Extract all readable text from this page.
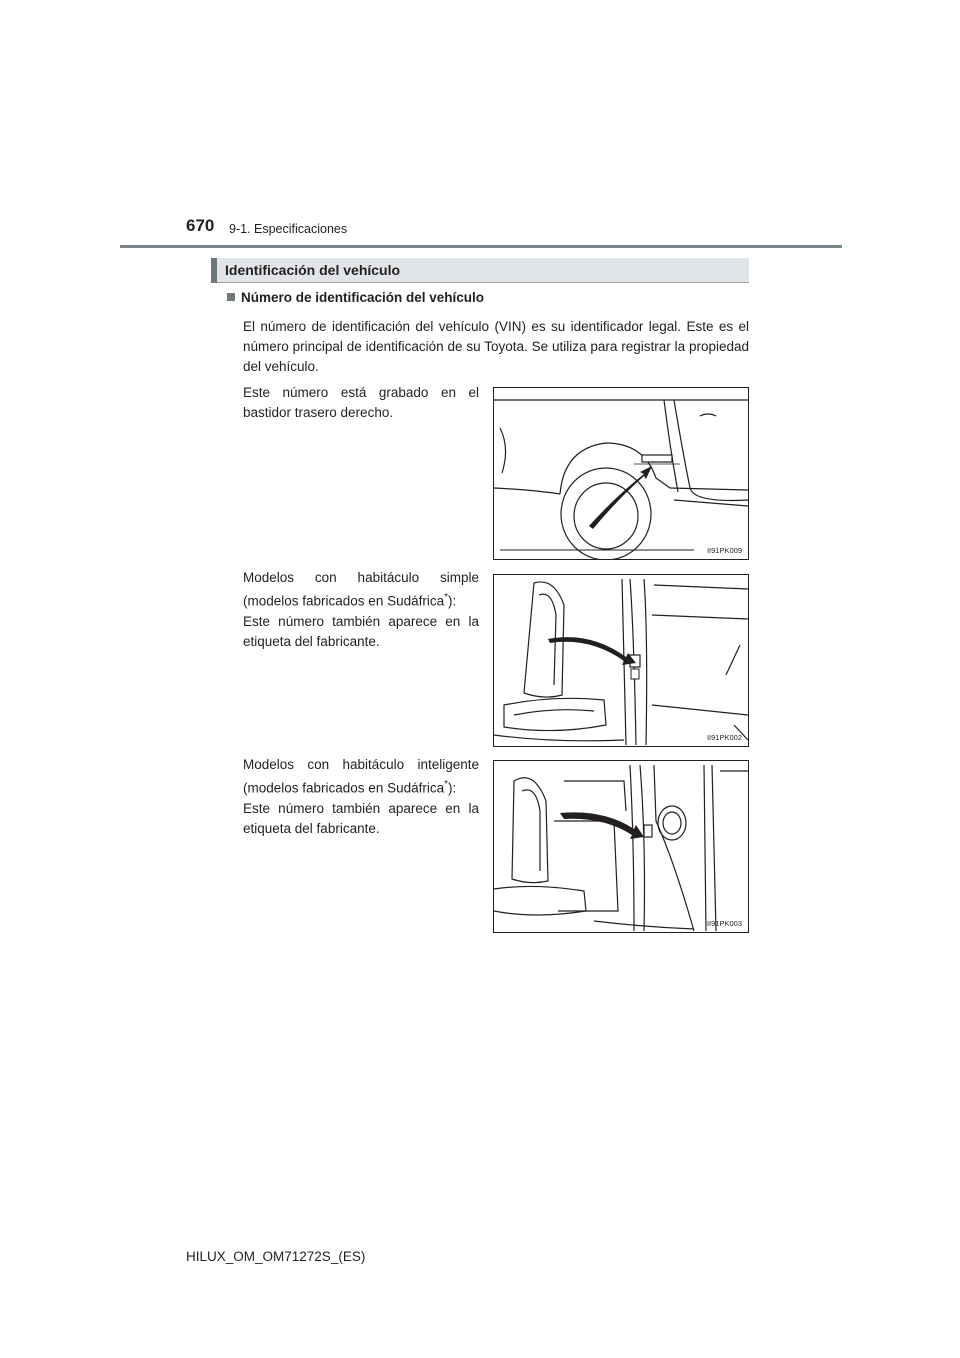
670 9-1. Especificaciones
Identificación del vehículo
Número de identificación del vehículo
El número de identificación del vehículo (VIN) es su identificador legal. Este es el número principal de identificación de su Toyota. Se utiliza para registrar la propiedad del vehículo.
Este número está grabado en el bastidor trasero derecho.
II91PK009
Modelos con habitáculo simple (modelos fabricados en Sudáfrica*):
Este número también aparece en la etiqueta del fabricante.
II91PK002
Modelos con habitáculo inteligente (modelos fabricados en Sudáfrica*):
Este número también aparece en la etiqueta del fabricante.
II91PK003
HILUX_OM_OM71272S_(ES)
